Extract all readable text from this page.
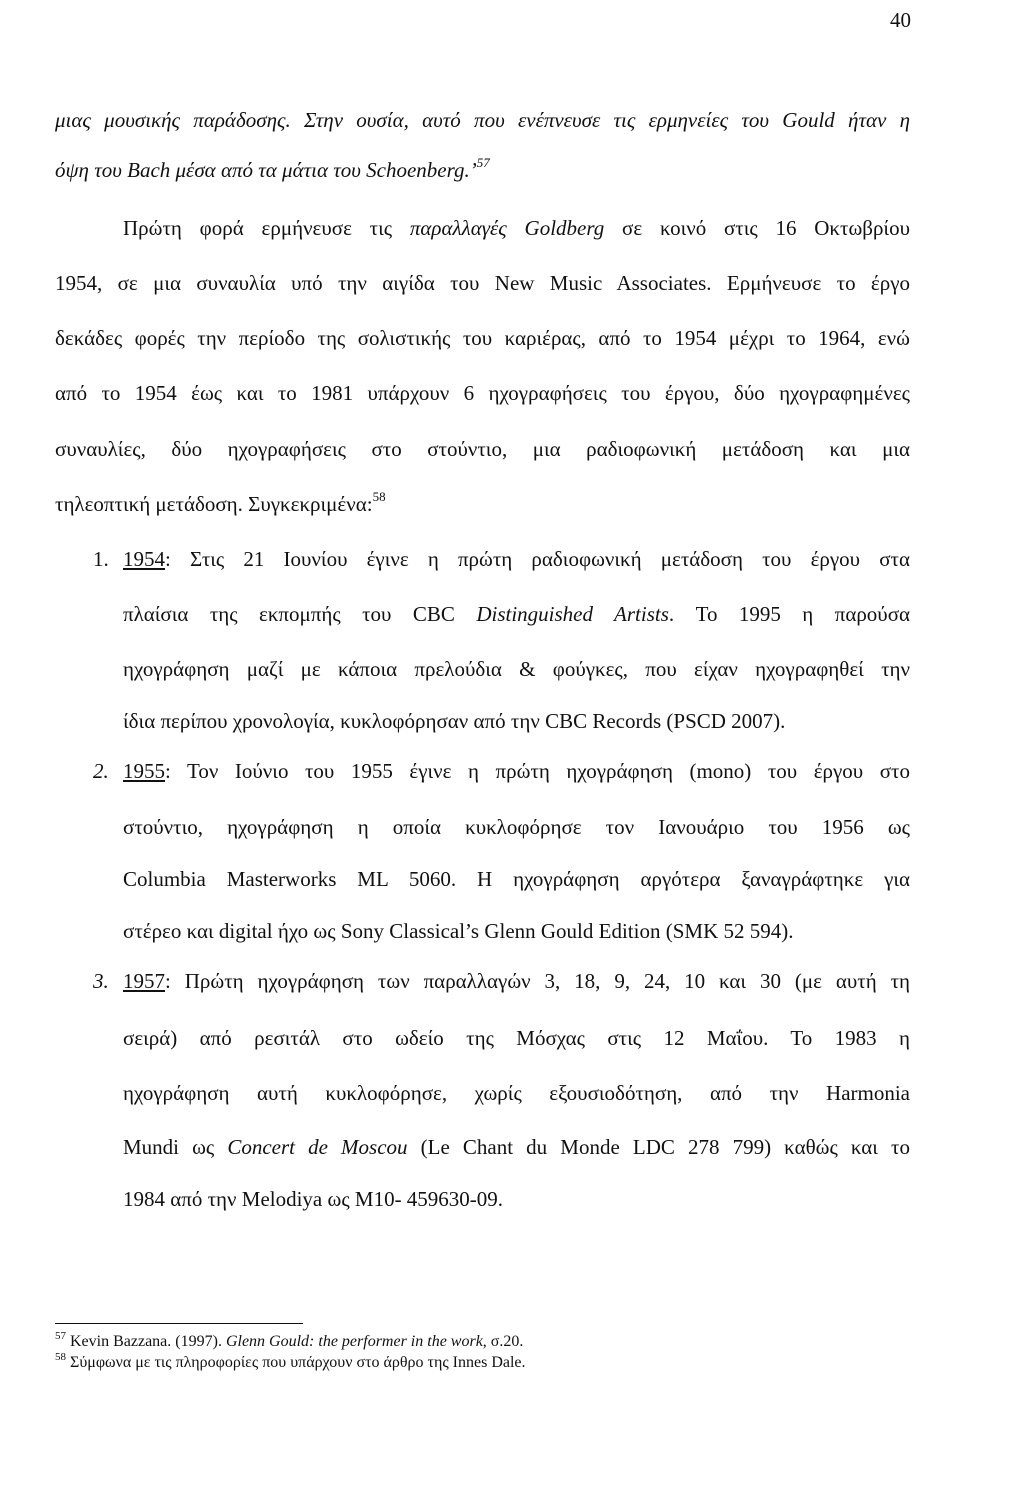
40
μιας μουσικής παράδοσης. Στην ουσία, αυτό που ενέπνευσε τις ερμηνείες του Gould ήταν η
όψη του Bach μέσα από τα μάτια του Schoenberg.’$^{57}$
Πρώτη φορά ερμήνευσε τις παραλλαγές Goldberg σε κοινό στις 16 Οκτωβρίου
1954, σε μια συναυλία υπό την αιγίδα του New Music Associates. Ερμήνευσε το έργο
δεκάδες φορές την περίοδο της σολιστικής του καριέρας, από το 1954 μέχρι το 1964, ενώ
από το 1954 έως και το 1981 υπάρχουν 6 ηχογραφήσεις του έργου, δύο ηχογραφημένες
συναυλίες, δύο ηχογραφήσεις στο στούντιο, μια ραδιοφωνική μετάδοση και μια
τηλεοπτική μετάδοση. Συγκεκριμένα:$^{58}$
1. 1954: Στις 21 Ιουνίου έγινε η πρώτη ραδιοφωνική μετάδοση του έργου στα
πλαίσια της εκπομπής του CBC Distinguished Artists. Το 1995 η παρούσα
ηχογράφηση μαζί με κάποια πρελούδια & φούγκες, που είχαν ηχογραφηθεί την
ίδια περίπου χρονολογία, κυκλοφόρησαν από την CBC Records (PSCD 2007).
2. 1955: Τον Ιούνιο του 1955 έγινε η πρώτη ηχογράφηση (mono) του έργου στο
στούντιο, ηχογράφηση η οποία κυκλοφόρησε τον Ιανουάριο του 1956 ως
Columbia Masterworks ML 5060. Η ηχογράφηση αργότερα ξαναγράφτηκε για
στέρεο και digital ήχο ως Sony Classical’s Glenn Gould Edition (SMK 52 594).
3. 1957: Πρώτη ηχογράφηση των παραλλαγών 3, 18, 9, 24, 10 και 30 (με αυτή τη
σειρά) από ρεσιτάλ στο ωδείο της Μόσχας στις 12 Μαΐου. Το 1983 η
ηχογράφηση αυτή κυκλοφόρησε, χωρίς εξουσιοδότηση, από την Harmonia
Mundi ως Concert de Moscou (Le Chant du Monde LDC 278 799) καθώς και το
1984 από την Melodiya ως M10- 459630-09.
$^{57}$ Kevin Bazzana. (1997). Glenn Gould: the performer in the work, σ.20.
$^{58}$ Σύμφωνα με τις πληροφορίες που υπάρχουν στο άρθρο της Innes Dale.
